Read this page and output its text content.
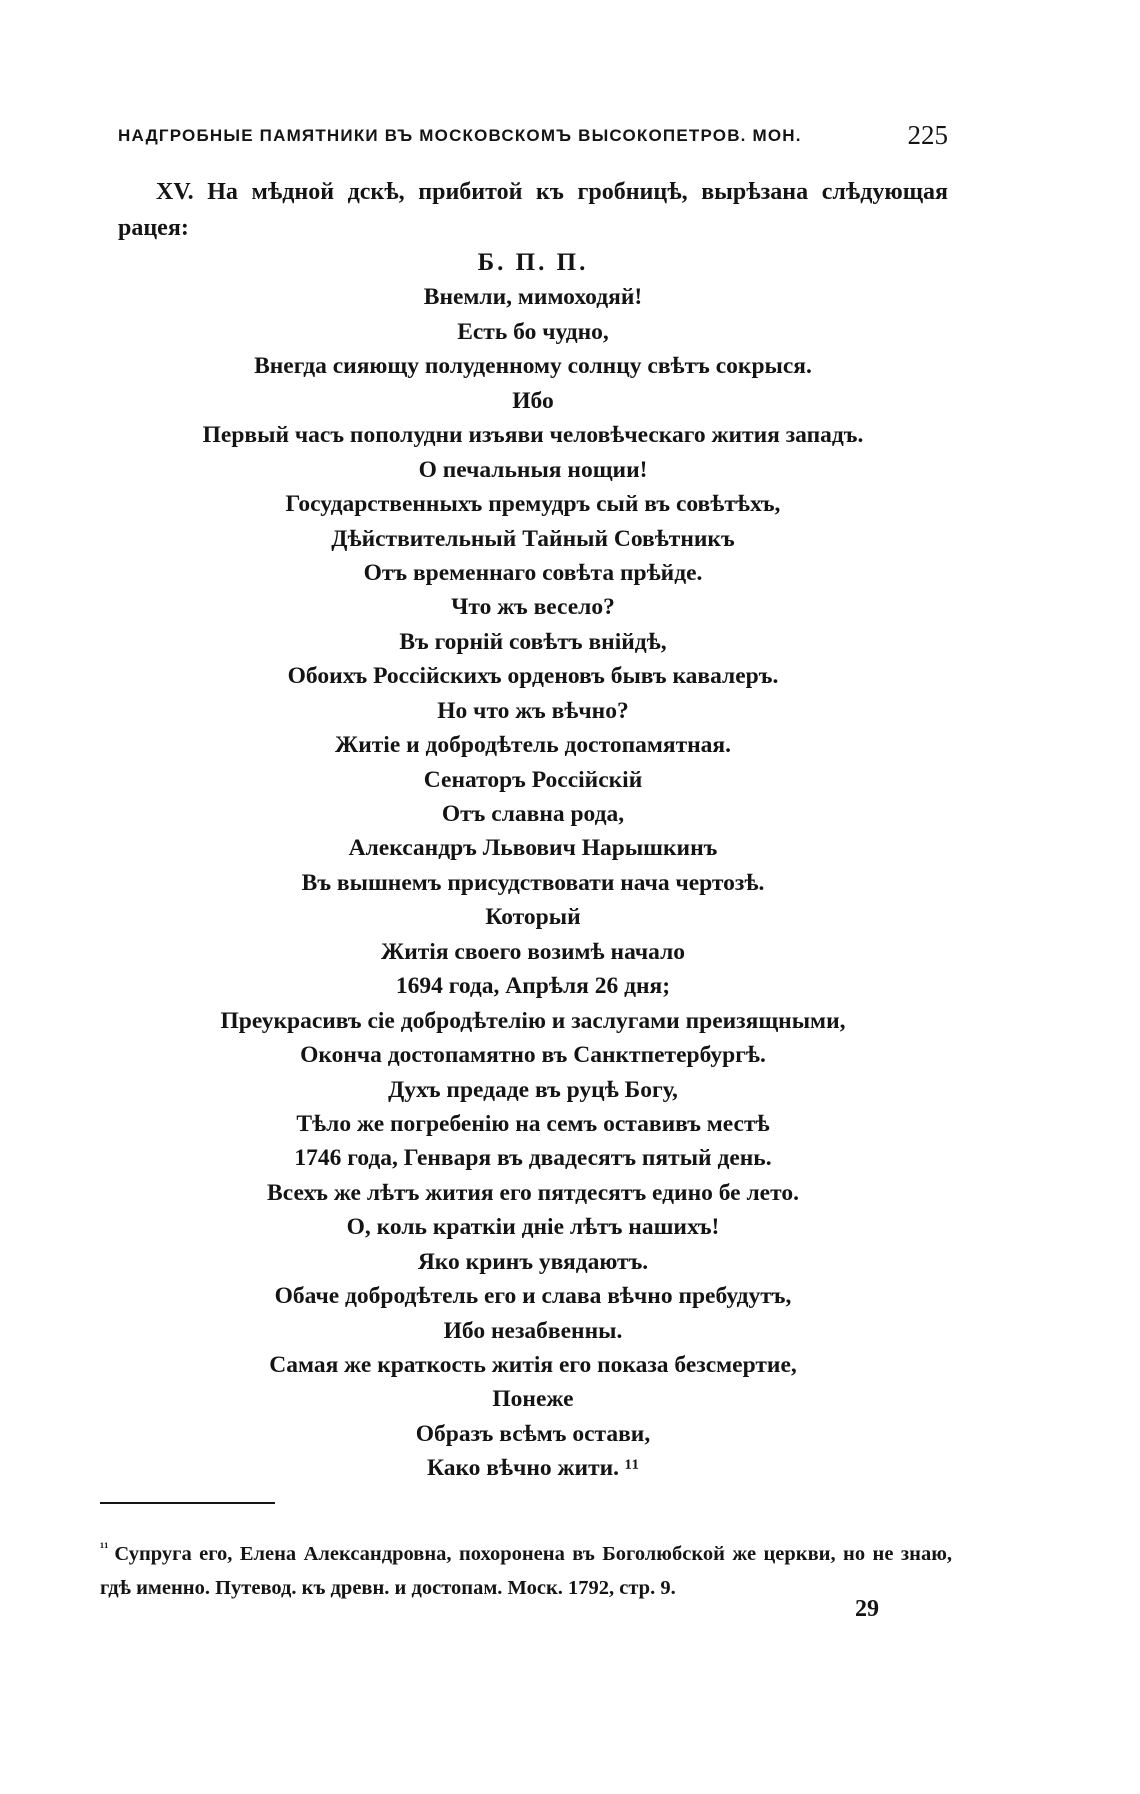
НАДГРОБНЫЕ ПАМЯТНИКИ ВЪ МОСКОВСКОМЪ ВЫСОКОПЕТРОВ. МОН.	225

XV. На мѣдной дскѣ, прибитой къ гробницѣ, вырѣзана слѣдующая рацея:

Б. П. П.
Внемли, мимоходяй!
Есть бо чудно,
Внегда сияющу полуденному солнцу свѣтъ сокрыся.
Ибо
Первый часъ пополудни изъяви человѣческаго жития западъ.
О печальныя нощии!
Государственныхъ премудръ сый въ совѣтѣхъ,
Дѣйствительный Тайный Совѣтникъ
Отъ временнаго совѣта прѣйде.
Что жъ весело?
Въ горній совѣтъ внійдѣ,
Обоихъ Россійскихъ орденовъ бывъ кавалеръ.
Но что жъ вѣчно?
Житіе и добродѣтель достопамятная.
Сенаторъ Россійскій
Отъ славна рода,
Александръ Львович Нарышкинъ
Въ вышнемъ присудствовати нача чертозѣ.
Который
Житія своего возимѣ начало
1694 года, Aпрѣля 26 дня;
Преукрасивъ сіе добродѣтелію и заслугами преизящными,
Окончa достопамятно въ Санктпетербургѣ.
Духъ предаде въ руцѣ Богу,
Тѣло же погребенію на семъ оставивъ местѣ
1746 года, Генваря въ двадесятъ пятый день.
Всехъ же лѣтъ жития его пятдесятъ едино бе лето.
О, коль краткіи дніе лѣтъ нашихъ!
Яко кринъ увядаютъ.
Обаче добродѣтель его и слава вѣчно пребудутъ,
Ибо незабвенны.
Самая же краткость житія его показа безсмертие,
Понеже
Образъ всѣмъ остави,
Како вѣчно жити. ¹¹

$^{^{11}}$ Супруга его, Елена Александровна, похоронена въ Боголюбской же церкви, но не знаю, гдѣ именно. Путевод. къ древн. и достопам. Моск. 1792, стр. 9.

29
